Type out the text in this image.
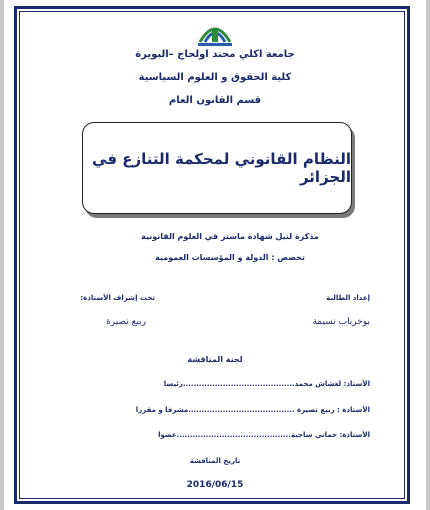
جامعة اكلي محند اولحاج –البويرة
كلية الحقوق و العلوم السياسية
قسم القانون العام
النظام القانوني لمحكمة التنازع في الجزائر
مذكرة لنيل شهادة ماستر في العلوم القانونية
تخصص : الدولة و المؤسسات العمومية
إعداد الطالبة
تحت إشراف الأستاذة:
بوخرباب نسيمة
ربيع نصيرة
لجنة المناقشة
الأستاذ: لعشاش محمد..........................................رئيسا
الأستاذة : ربيع نصيرة ........................................مشرفا و مقررا
الأستاذة: حماني ساجية...........................................عضوا
تاريخ المناقشة
2016/06/15
